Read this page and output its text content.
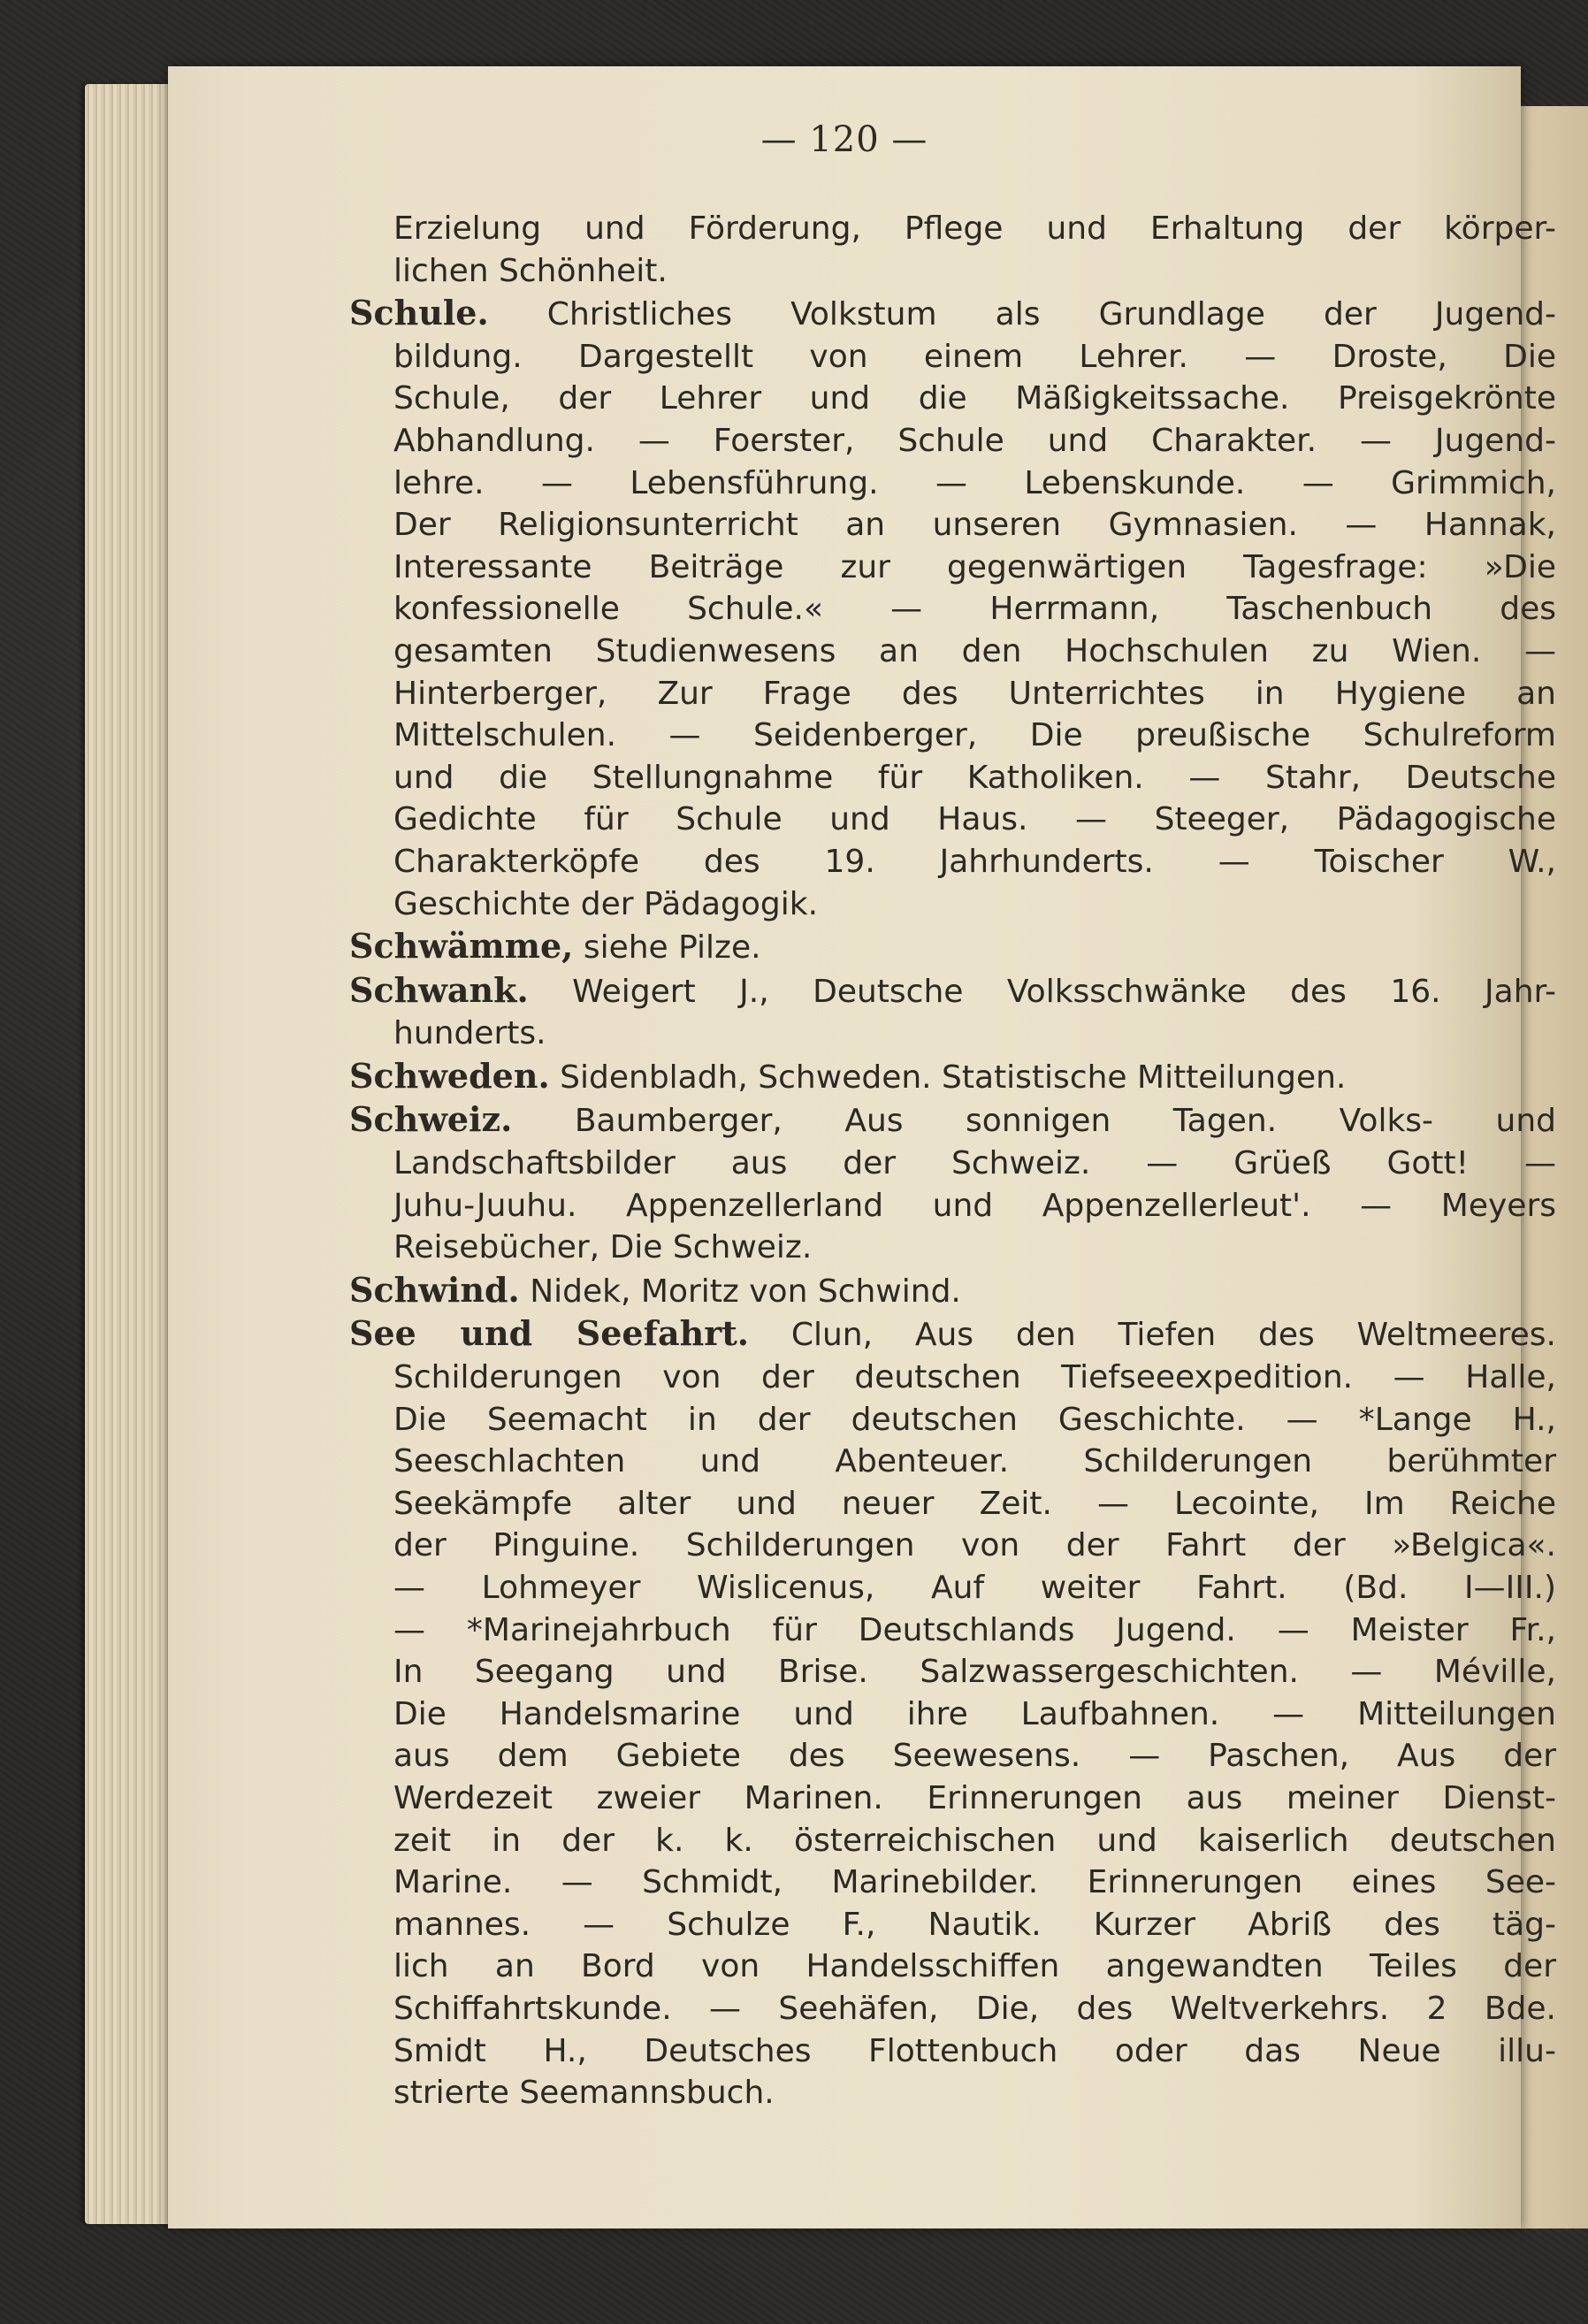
— 120 —
Erzielung und Förderung, Pflege und Erhaltung der körper-
lichen Schönheit.
Schule. Christliches Volkstum als Grundlage der Jugend-
bildung. Dargestellt von einem Lehrer. — Droste, Die
Schule, der Lehrer und die Mäßigkeitssache. Preisgekrönte
Abhandlung. — Foerster, Schule und Charakter. — Jugend-
lehre. — Lebensführung. — Lebenskunde. — Grimmich,
Der Religionsunterricht an unseren Gymnasien. — Hannak,
Interessante Beiträge zur gegenwärtigen Tagesfrage: »Die
konfessionelle Schule.« — Herrmann, Taschenbuch des
gesamten Studienwesens an den Hochschulen zu Wien. —
Hinterberger, Zur Frage des Unterrichtes in Hygiene an
Mittelschulen. — Seidenberger, Die preußische Schulreform
und die Stellungnahme für Katholiken. — Stahr, Deutsche
Gedichte für Schule und Haus. — Steeger, Pädagogische
Charakterköpfe des 19. Jahrhunderts. — Toischer W.,
Geschichte der Pädagogik.
Schwämme, siehe Pilze.
Schwank. Weigert J., Deutsche Volksschwänke des 16. Jahr-
hunderts.
Schweden. Sidenbladh, Schweden. Statistische Mitteilungen.
Schweiz. Baumberger, Aus sonnigen Tagen. Volks- und
Landschaftsbilder aus der Schweiz. — Grüeß Gott! —
Juhu-Juuhu. Appenzellerland und Appenzellerleut'. — Meyers
Reisebücher, Die Schweiz.
Schwind. Nidek, Moritz von Schwind.
See und Seefahrt. Clun, Aus den Tiefen des Weltmeeres.
Schilderungen von der deutschen Tiefseeexpedition. — Halle,
Die Seemacht in der deutschen Geschichte. — *Lange H.,
Seeschlachten und Abenteuer. Schilderungen berühmter
Seekämpfe alter und neuer Zeit. — Lecointe, Im Reiche
der Pinguine. Schilderungen von der Fahrt der »Belgica«.
— Lohmeyer Wislicenus, Auf weiter Fahrt. (Bd. I—III.)
— *Marinejahrbuch für Deutschlands Jugend. — Meister Fr.,
In Seegang und Brise. Salzwassergeschichten. — Méville,
Die Handelsmarine und ihre Laufbahnen. — Mitteilungen
aus dem Gebiete des Seewesens. — Paschen, Aus der
Werdezeit zweier Marinen. Erinnerungen aus meiner Dienst-
zeit in der k. k. österreichischen und kaiserlich deutschen
Marine. — Schmidt, Marinebilder. Erinnerungen eines See-
mannes. — Schulze F., Nautik. Kurzer Abriß des täg-
lich an Bord von Handelsschiffen angewandten Teiles der
Schiffahrtskunde. — Seehäfen, Die, des Weltverkehrs. 2 Bde.
Smidt H., Deutsches Flottenbuch oder das Neue illu-
strierte Seemannsbuch.
